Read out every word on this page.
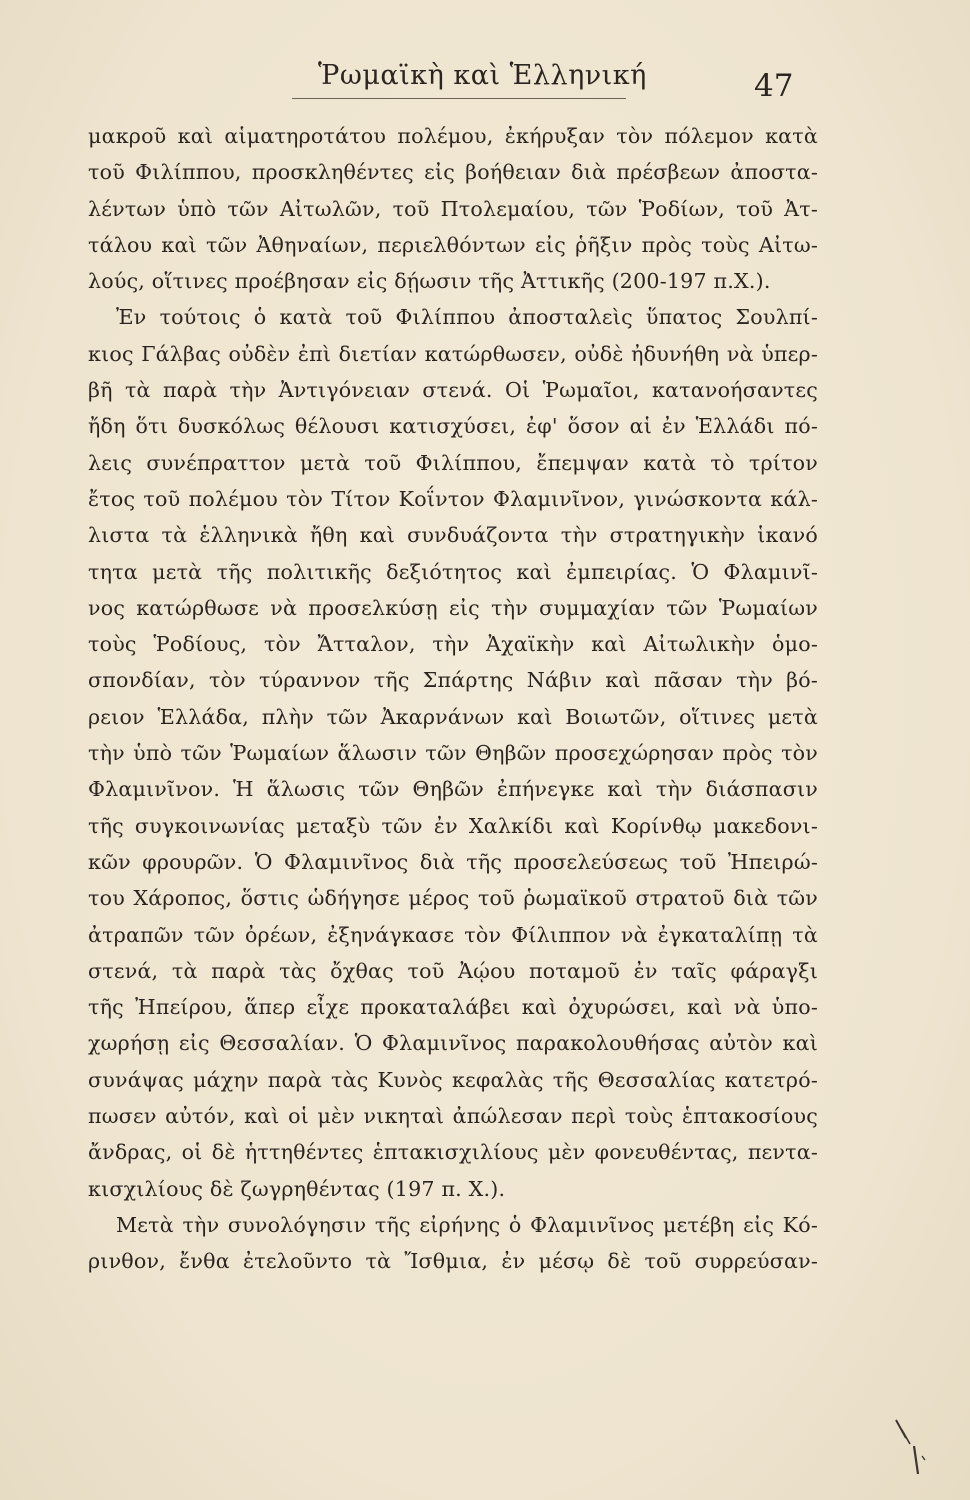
Ῥωμαϊκὴ καὶ Ἑλληνική	47
μακροῦ καὶ αἱματηροτάτου πολέμου, ἐκήρυξαν τὸν πόλεμον κατὰ
τοῦ Φιλίππου, προσκληθέντες εἰς βοήθειαν διὰ πρέσβεων ἀποστα-
λέντων ὑπὸ τῶν Αἰτωλῶν, τοῦ Πτολεμαίου, τῶν Ῥοδίων, τοῦ Ἀτ-
τάλου καὶ τῶν Ἀθηναίων, περιελθόντων εἰς ῥῆξιν πρὸς τοὺς Αἰτω-
λούς, οἵτινες προέβησαν εἰς δῄωσιν τῆς Ἀττικῆς (200-197 π.Χ.).
Ἐν τούτοις ὁ κατὰ τοῦ Φιλίππου ἀποσταλεὶς ὕπατος Σουλπί-
κιος Γάλβας οὐδὲν ἐπὶ διετίαν κατώρθωσεν, οὐδὲ ἠδυνήθη νὰ ὑπερ-
βῆ τὰ παρὰ τὴν Ἀντιγόνειαν στενά. Οἱ Ῥωμαῖοι, κατανοήσαντες
ἤδη ὅτι δυσκόλως θέλουσι κατισχύσει, ἐφ' ὅσον αἱ ἐν Ἑλλάδι πό-
λεις συνέπραττον μετὰ τοῦ Φιλίππου, ἔπεμψαν κατὰ τὸ τρίτον
ἔτος τοῦ πολέμου τὸν Τίτον Κοΐντον Φλαμινῖνον, γινώσκοντα κάλ-
λιστα τὰ ἑλληνικὰ ἤθη καὶ συνδυάζοντα τὴν στρατηγικὴν ἱκανό
τητα μετὰ τῆς πολιτικῆς δεξιότητος καὶ ἐμπειρίας. Ὁ Φλαμινῖ-
νος κατώρθωσε νὰ προσελκύσῃ εἰς τὴν συμμαχίαν τῶν Ῥωμαίων
τοὺς Ῥοδίους, τὸν Ἄτταλον, τὴν Ἀχαϊκὴν καὶ Αἰτωλικὴν ὁμο-
σπονδίαν, τὸν τύραννον τῆς Σπάρτης Νάβιν καὶ πᾶσαν τὴν βό-
ρειον Ἑλλάδα, πλὴν τῶν Ἀκαρνάνων καὶ Βοιωτῶν, οἵτινες μετὰ
τὴν ὑπὸ τῶν Ῥωμαίων ἅλωσιν τῶν Θηβῶν προσεχώρησαν πρὸς τὸν
Φλαμινῖνον. Ἡ ἅλωσις τῶν Θηβῶν ἐπήνεγκε καὶ τὴν διάσπασιν
τῆς συγκοινωνίας μεταξὺ τῶν ἐν Χαλκίδι καὶ Κορίνθῳ μακεδονι-
κῶν φρουρῶν. Ὁ Φλαμινῖνος διὰ τῆς προσελεύσεως τοῦ Ἠπειρώ-
του Χάροπος, ὅστις ὡδήγησε μέρος τοῦ ῥωμαϊκοῦ στρατοῦ διὰ τῶν
ἀτραπῶν τῶν ὀρέων, ἐξηνάγκασε τὸν Φίλιππον νὰ ἐγκαταλίπῃ τὰ
στενά, τὰ παρὰ τὰς ὄχθας τοῦ Ἀῴου ποταμοῦ ἐν ταῖς φάραγξι
τῆς Ἠπείρου, ἅπερ εἶχε προκαταλάβει καὶ ὀχυρώσει, καὶ νὰ ὑπο-
χωρήσῃ εἰς Θεσσαλίαν. Ὁ Φλαμινῖνος παρακολουθήσας αὐτὸν καὶ
συνάψας μάχην παρὰ τὰς Κυνὸς κεφαλὰς τῆς Θεσσαλίας κατετρό-
πωσεν αὐτόν, καὶ οἱ μὲν νικηταὶ ἀπώλεσαν περὶ τοὺς ἑπτακοσίους
ἄνδρας, οἱ δὲ ἡττηθέντες ἑπτακισχιλίους μὲν φονευθέντας, πεντα-
κισχιλίους δὲ ζωγρηθέντας (197 π. Χ.).
Μετὰ τὴν συνολόγησιν τῆς εἰρήνης ὁ Φλαμινῖνος μετέβη εἰς Κό-
ρινθον, ἔνθα ἐτελοῦντο τὰ Ἴσθμια, ἐν μέσῳ δὲ τοῦ συρρεύσαν-
